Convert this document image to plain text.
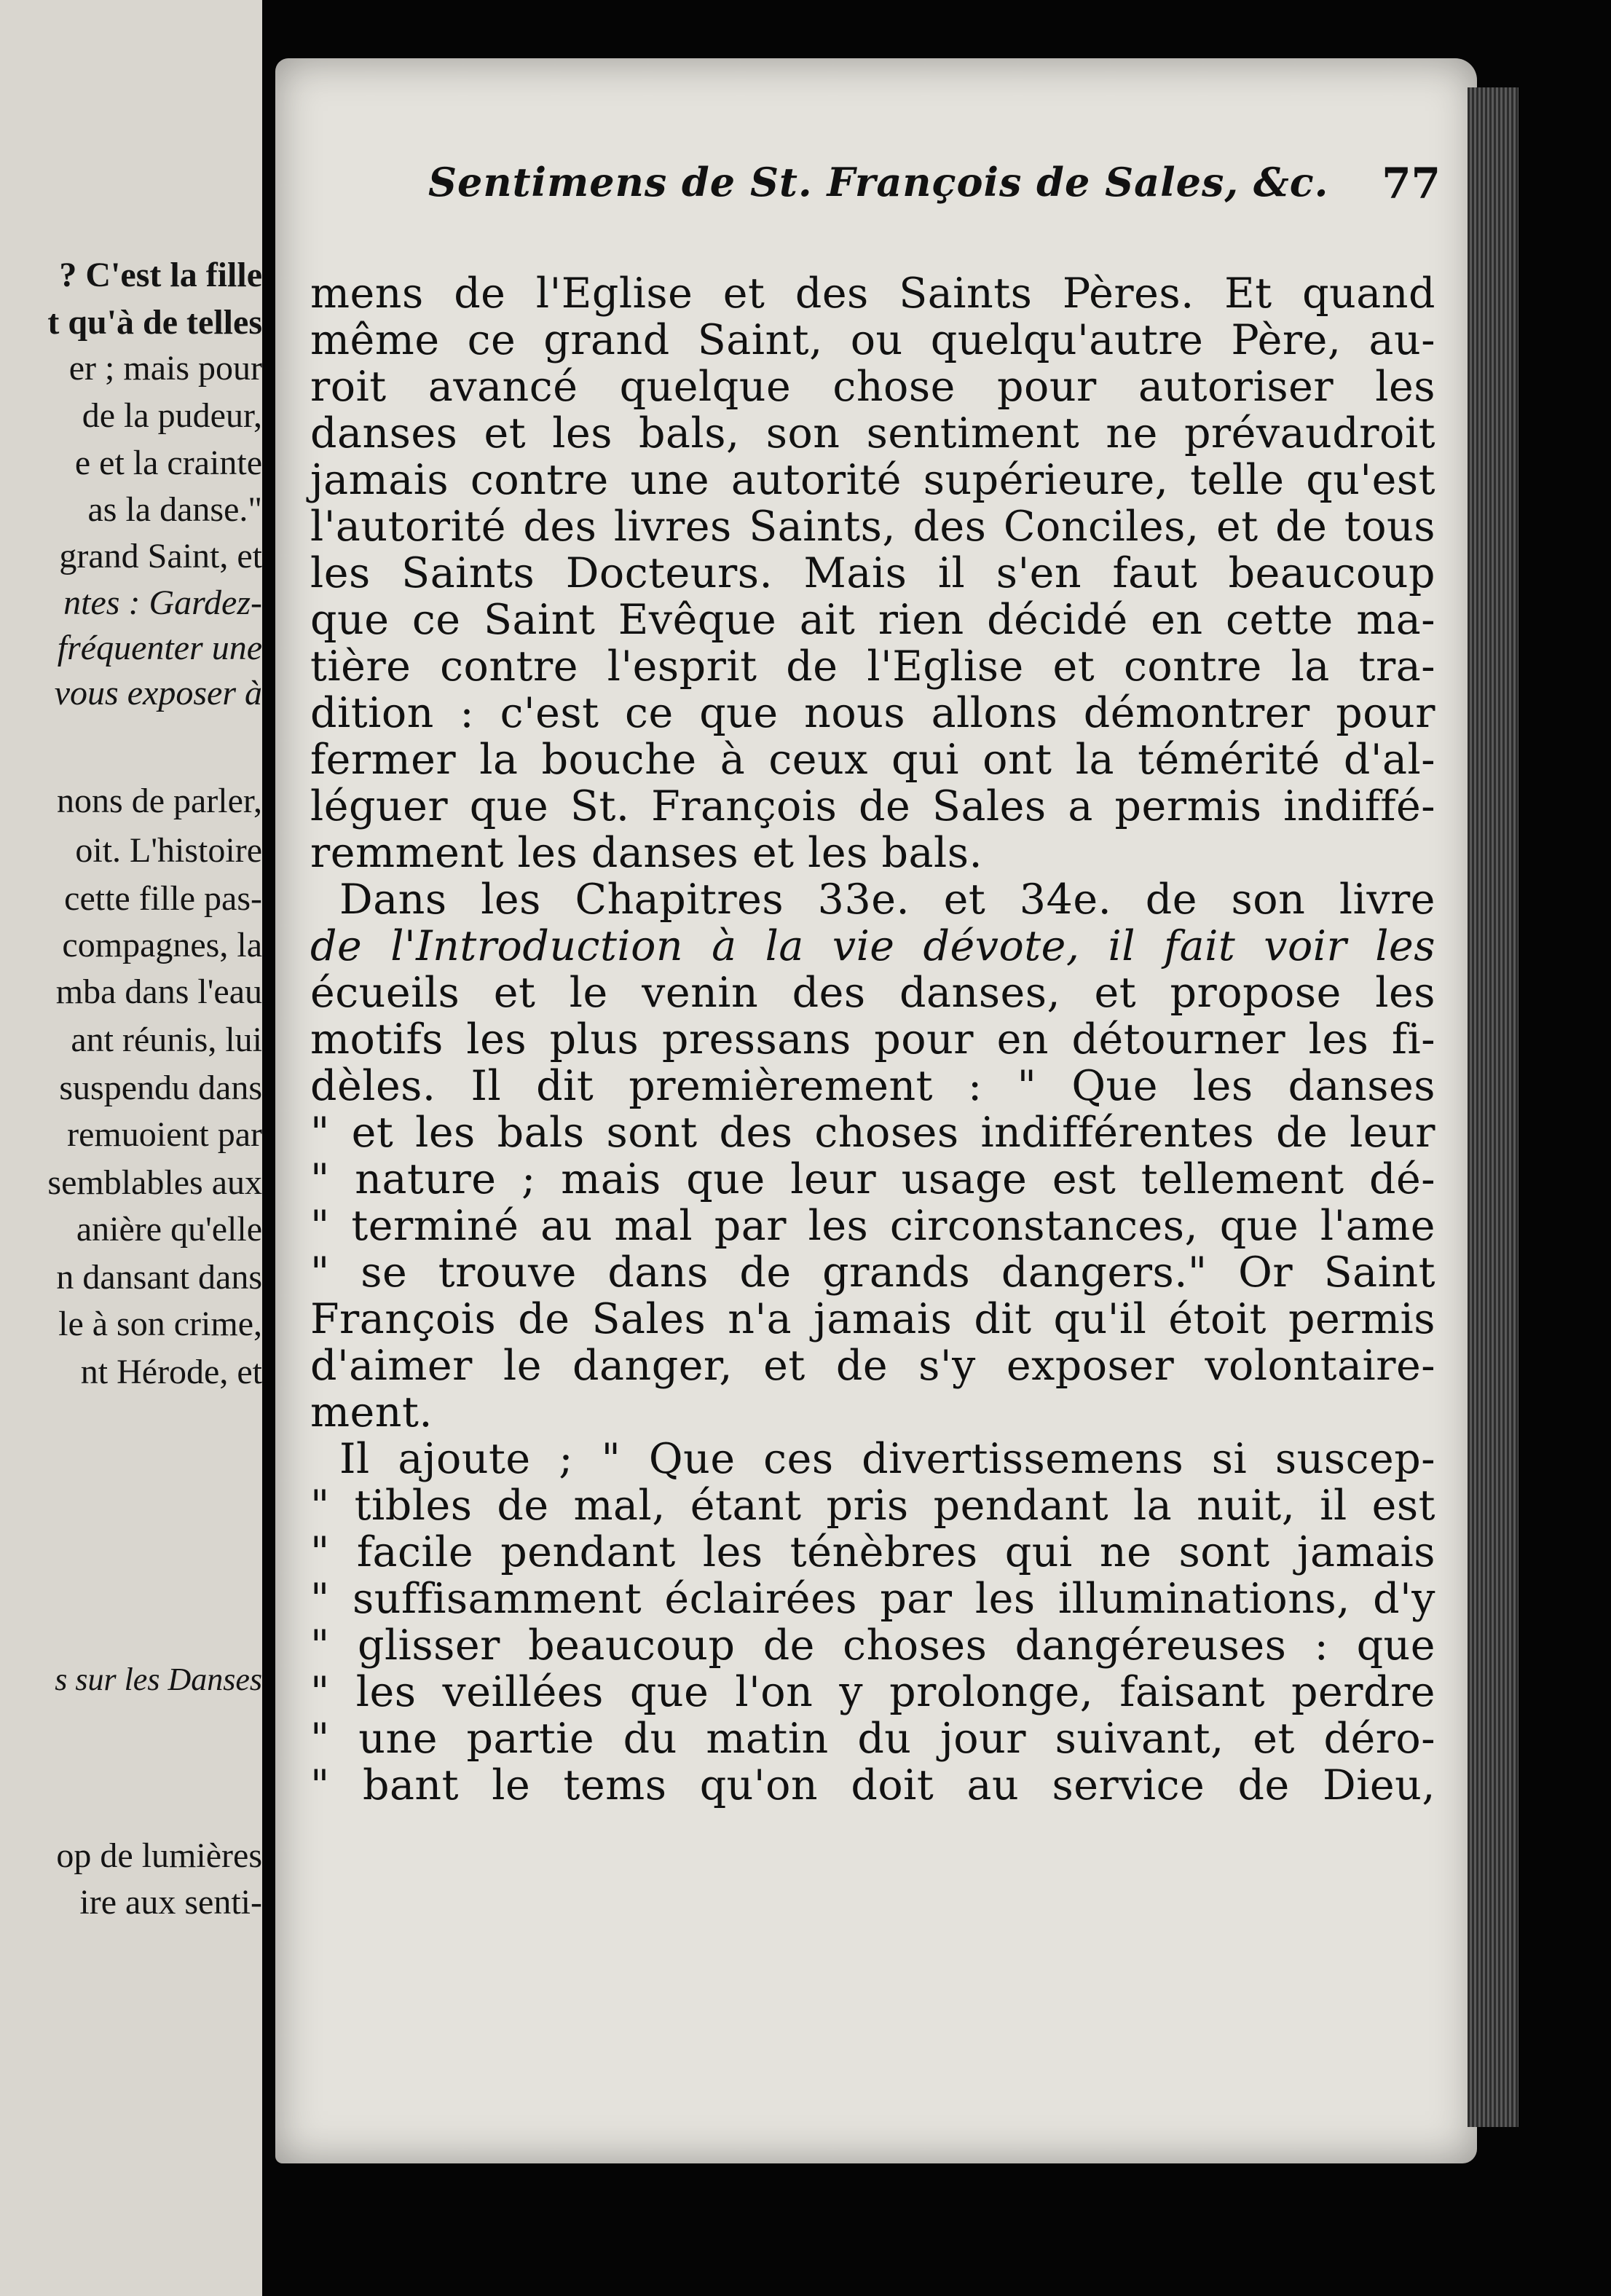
? C'est la fille
t qu'à de telles
er ; mais pour
de la pudeur,
e et la crainte
as la danse."
grand Saint, et
ntes : Gardez-
fréquenter une
vous exposer à
nons de parler,
oit. L'histoire
cette fille pas-
compagnes, la
mba dans l'eau
ant réunis, lui
suspendu dans
remuoient par
semblables aux
anière qu'elle
n dansant dans
le à son crime,
nt Hérode, et
s sur les Danses
op de lumières
ire aux senti-
Sentimens de St. François de Sales, &c. 77
mens de l'Eglise et des Saints Pères. Et quand
même ce grand Saint, ou quelqu'autre Père, au-
roit avancé quelque chose pour autoriser les
danses et les bals, son sentiment ne prévaudroit
jamais contre une autorité supérieure, telle qu'est
l'autorité des livres Saints, des Conciles, et de tous
les Saints Docteurs. Mais il s'en faut beaucoup
que ce Saint Evêque ait rien décidé en cette ma-
tière contre l'esprit de l'Eglise et contre la tra-
dition : c'est ce que nous allons démontrer pour
fermer la bouche à ceux qui ont la témérité d'al-
léguer que St. François de Sales a permis indiffé-
remment les danses et les bals.
Dans les Chapitres 33e. et 34e. de son livre
de l'Introduction à la vie dévote, il fait voir les
écueils et le venin des danses, et propose les
motifs les plus pressans pour en détourner les fi-
dèles. Il dit premièrement : " Que les danses
" et les bals sont des choses indifférentes de leur
" nature ; mais que leur usage est tellement dé-
" terminé au mal par les circonstances, que l'ame
" se trouve dans de grands dangers." Or Saint
François de Sales n'a jamais dit qu'il étoit permis
d'aimer le danger, et de s'y exposer volontaire-
ment.
Il ajoute ; " Que ces divertissemens si suscep-
" tibles de mal, étant pris pendant la nuit, il est
" facile pendant les ténèbres qui ne sont jamais
" suffisamment éclairées par les illuminations, d'y
" glisser beaucoup de choses dangéreuses : que
" les veillées que l'on y prolonge, faisant perdre
" une partie du matin du jour suivant, et déro-
" bant le tems qu'on doit au service de Dieu,
